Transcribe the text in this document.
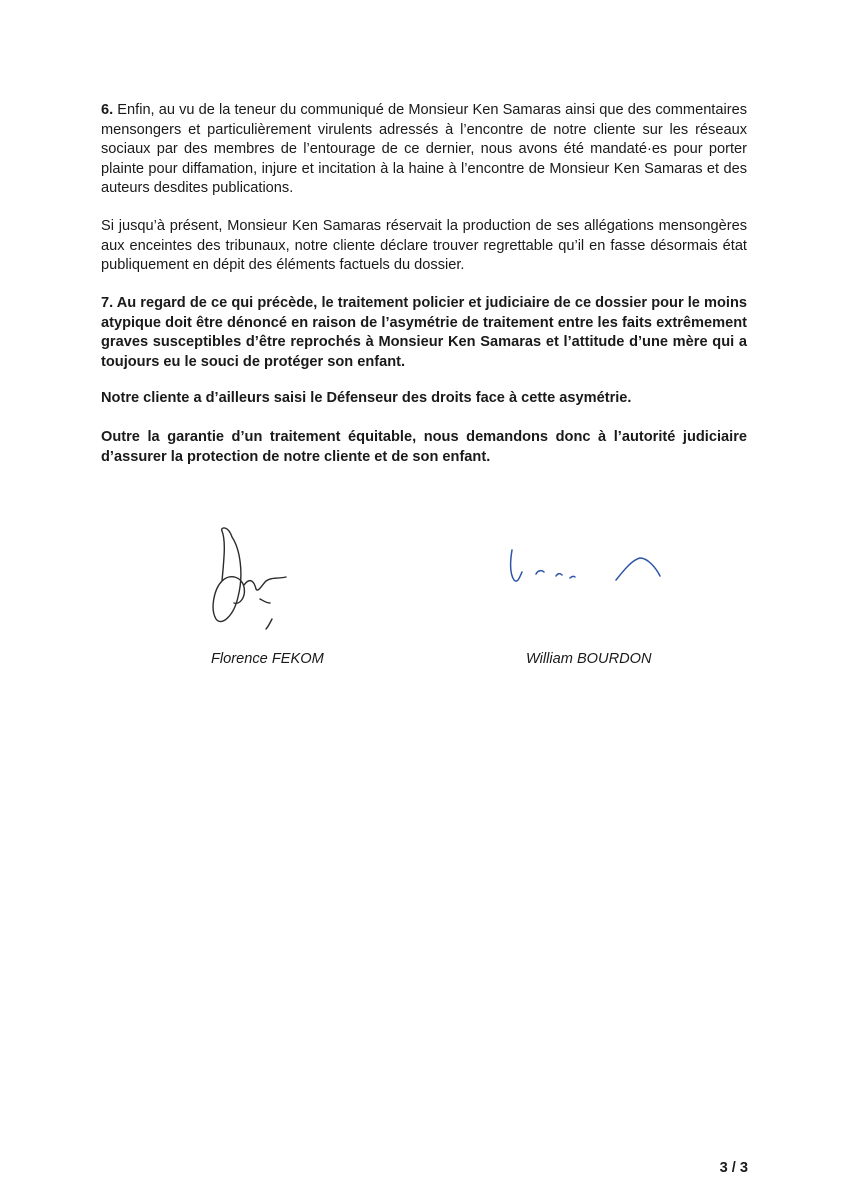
6. Enfin, au vu de la teneur du communiqué de Monsieur Ken Samaras ainsi que des commentaires mensongers et particulièrement virulents adressés à l’encontre de notre cliente sur les réseaux sociaux par des membres de l’entourage de ce dernier, nous avons été mandaté·es pour porter plainte pour diffamation, injure et incitation à la haine à l’encontre de Monsieur Ken Samaras et des auteurs desdites publications.

Si jusqu’à présent, Monsieur Ken Samaras réservait la production de ses allégations mensongères aux enceintes des tribunaux, notre cliente déclare trouver regrettable qu’il en fasse désormais état publiquement en dépit des éléments factuels du dossier.

7. Au regard de ce qui précède, le traitement policier et judiciaire de ce dossier pour le moins atypique doit être dénoncé en raison de l’asymétrie de traitement entre les faits extrêmement graves susceptibles d’être reprochés à Monsieur Ken Samaras et l’attitude d’une mère qui a toujours eu le souci de protéger son enfant.

Notre cliente a d’ailleurs saisi le Défenseur des droits face à cette asymétrie.

Outre la garantie d’un traitement équitable, nous demandons donc à l’autorité judiciaire d’assurer la protection de notre cliente et de son enfant.

Florence FEKOM	William BOURDON
3 / 3
